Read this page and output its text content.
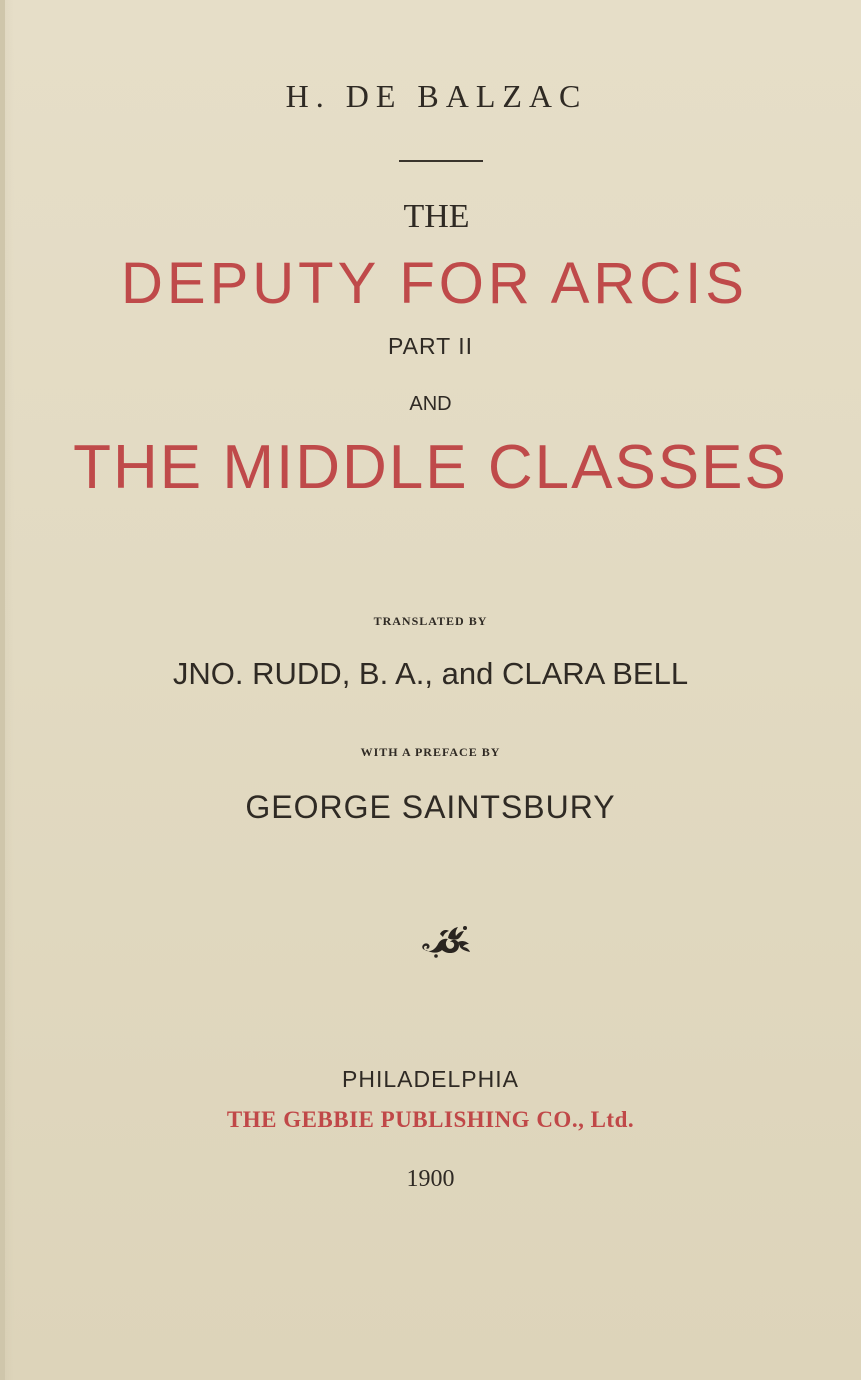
H. DE BALZAC

THE

DEPUTY FOR ARCIS

PART II

AND

THE MIDDLE CLASSES

TRANSLATED BY

JNO. RUDD, B. A., and CLARA BELL

WITH A PREFACE BY

GEORGE SAINTSBURY

PHILADELPHIA

THE GEBBIE PUBLISHING CO., Ltd.

1900
